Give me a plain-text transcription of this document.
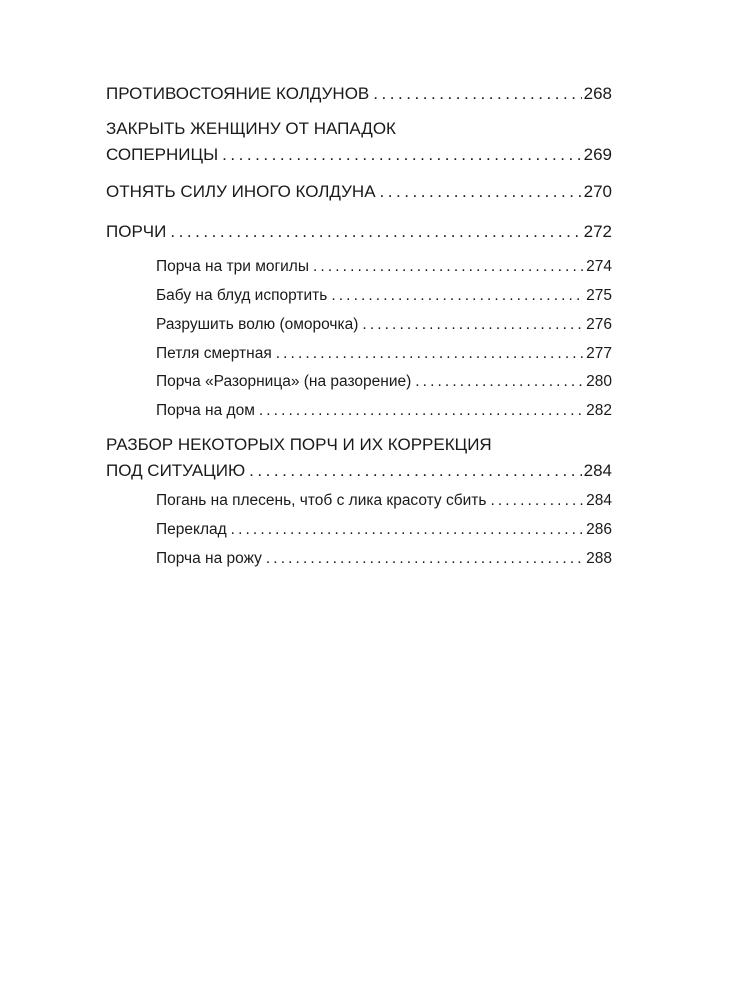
ПРОТИВОСТОЯНИЕ КОЛДУНОВ . . .	268
ЗАКРЫТЬ ЖЕНЩИНУ ОТ НАПАДОК
СОПЕРНИЦЫ . . .	269
ОТНЯТЬ СИЛУ ИНОГО КОЛДУНА . . .	270
ПОРЧИ . . .	272
Порча на три могилы . . .	274
Бабу на блуд испортить . . .	275
Разрушить волю (оморочка) . . .	276
Петля смертная . . .	277
Порча «Разорница» (на разорение) . . .	280
Порча на дом . . .	282
РАЗБОР НЕКОТОРЫХ ПОРЧ И ИХ КОРРЕКЦИЯ
ПОД СИТУАЦИЮ . . .	284
Погань на плесень, чтоб с лика красоту сбить . . .	284
Переклад . . .	286
Порча на рожу . . .	288
